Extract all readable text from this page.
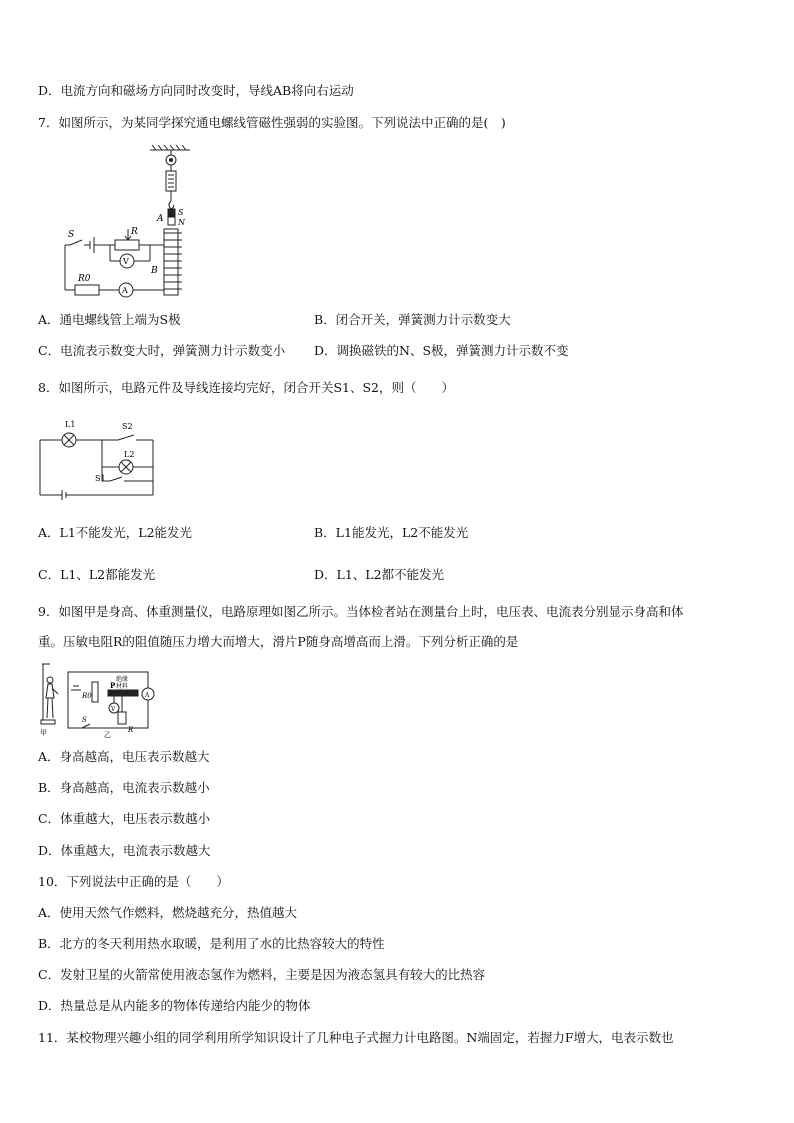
D．电流方向和磁场方向同时改变时，导线AB将向右运动
7．如图所示，为某同学探究通电螺线管磁性强弱的实验图。下列说法中正确的是(　)
A
S
N
S	R
V
B
R0
A
A．通电螺线管上端为S极	B．闭合开关，弹簧测力计示数变大
C．电流表示数变大时，弹簧测力计示数变小 D．调换磁铁的N、S极，弹簧测力计示数不变
8．如图所示，电路元件及导线连接均完好，闭合开关S1、S2，则（　　）
L1	S2
L2
S1
A．L1不能发光，L2能发光	B．L1能发光，L2不能发光
C．L1、L2都能发光	D．L1、L2都不能发光
9．如图甲是身高、体重测量仪，电路原理如图乙所示。当体检者站在测量台上时，电压表、电流表分别显示身高和体
重。压敏电阻R的阻值随压力增大而增大，滑片P随身高增高而上滑。下列分析正确的是
甲	乙
绝缘
P 材料
R0
S
R
V
A
A．身高越高，电压表示数越大
B．身高越高，电流表示数越小
C．体重越大，电压表示数越小
D．体重越大，电流表示数越大
10．下列说法中正确的是（　　）
A．使用天然气作燃料，燃烧越充分，热值越大
B．北方的冬天利用热水取暖，是利用了水的比热容较大的特性
C．发射卫星的火箭常使用液态氢作为燃料，主要是因为液态氢具有较大的比热容
D．热量总是从内能多的物体传递给内能少的物体
11．某校物理兴趣小组的同学利用所学知识设计了几种电子式握力计电路图。N端固定，若握力F增大，电表示数也
